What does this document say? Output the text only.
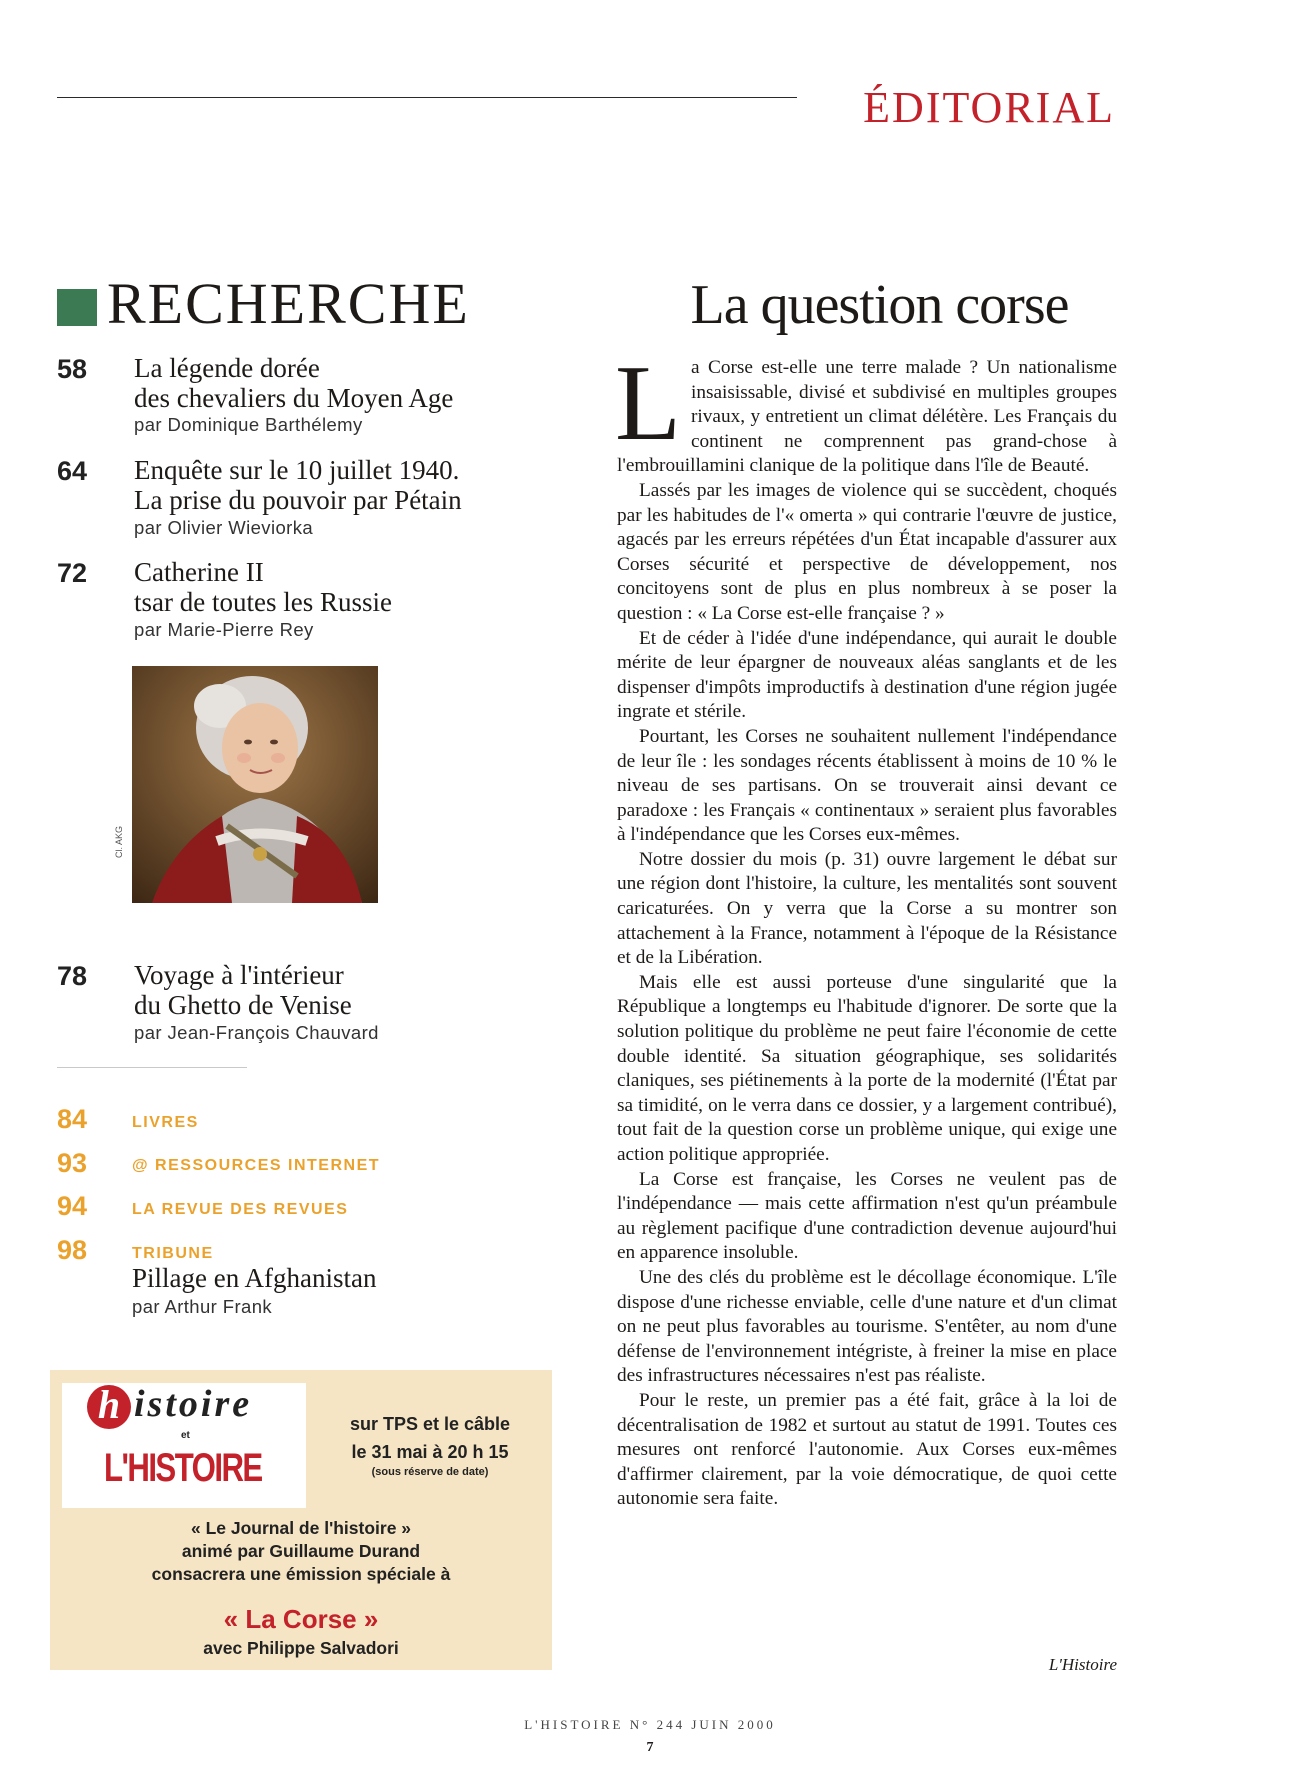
ÉDITORIAL
RECHERCHE
58 La légende dorée
des chevaliers du Moyen Age
par Dominique Barthélemy
64 Enquête sur le 10 juillet 1940.
La prise du pouvoir par Pétain
par Olivier Wieviorka
72 Catherine II
tsar de toutes les Russie
par Marie-Pierre Rey
Cl. AKG
78 Voyage à l'intérieur
du Ghetto de Venise
par Jean-François Chauvard
84	LIVRES
93	@ RESSOURCES INTERNET
94	LA REVUE DES REVUES
98	TRIBUNE
Pillage en Afghanistan
par Arthur Frank
h istoire
et
L'HISTOIRE
sur TPS et le câble
le 31 mai à 20 h 15
(sous réserve de date)
« Le Journal de l'histoire »
animé par Guillaume Durand
consacrera une émission spéciale à
« La Corse »
avec Philippe Salvadori
La question corse

La Corse est-elle une terre malade ? Un nationalisme insaisissable, divisé et subdivisé en multiples groupes rivaux, y entretient un climat délétère. Les Français du continent ne comprennent pas grand-chose à l'embrouillamini clanique de la politique dans l'île de Beauté.

Lassés par les images de violence qui se succèdent, choqués par les habitudes de l'« omerta » qui contrarie l'œuvre de justice, agacés par les erreurs répétées d'un État incapable d'assurer aux Corses sécurité et perspective de développement, nos concitoyens sont de plus en plus nombreux à se poser la question : « La Corse est-elle française ? »

Et de céder à l'idée d'une indépendance, qui aurait le double mérite de leur épargner de nouveaux aléas sanglants et de les dispenser d'impôts improductifs à destination d'une région jugée ingrate et stérile.

Pourtant, les Corses ne souhaitent nullement l'indépendance de leur île : les sondages récents établissent à moins de 10 % le niveau de ses partisans. On se trouverait ainsi devant ce paradoxe : les Français « continentaux » seraient plus favorables à l'indépendance que les Corses eux-mêmes.

Notre dossier du mois (p. 31) ouvre largement le débat sur une région dont l'histoire, la culture, les mentalités sont souvent caricaturées. On y verra que la Corse a su montrer son attachement à la France, notamment à l'époque de la Résistance et de la Libération.

Mais elle est aussi porteuse d'une singularité que la République a longtemps eu l'habitude d'ignorer. De sorte que la solution politique du problème ne peut faire l'économie de cette double identité. Sa situation géographique, ses solidarités claniques, ses piétinements à la porte de la modernité (l'État par sa timidité, on le verra dans ce dossier, y a largement contribué), tout fait de la question corse un problème unique, qui exige une action politique appropriée.

La Corse est française, les Corses ne veulent pas de l'indépendance — mais cette affirmation n'est qu'un préambule au règlement pacifique d'une contradiction devenue aujourd'hui en apparence insoluble.

Une des clés du problème est le décollage économique. L'île dispose d'une richesse enviable, celle d'une nature et d'un climat on ne peut plus favorables au tourisme. S'entêter, au nom d'une défense de l'environnement intégriste, à freiner la mise en place des infrastructures nécessaires n'est pas réaliste.

Pour le reste, un premier pas a été fait, grâce à la loi de décentralisation de 1982 et surtout au statut de 1991. Toutes ces mesures ont renforcé l'autonomie. Aux Corses eux-mêmes d'affirmer clairement, par la voie démocratique, de quoi cette autonomie sera faite.

L'Histoire
L'HISTOIRE N° 244 JUIN 2000
7
